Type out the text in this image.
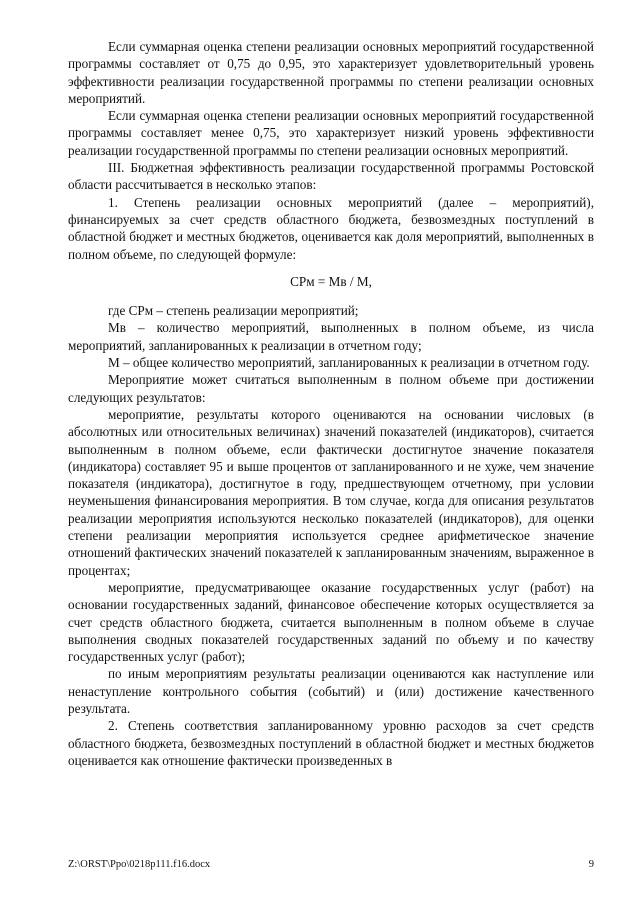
Если суммарная оценка степени реализации основных мероприятий государственной программы составляет от 0,75 до 0,95, это характеризует удовлетворительный уровень эффективности реализации государственной программы по степени реализации основных мероприятий.

Если суммарная оценка степени реализации основных мероприятий государственной программы составляет менее 0,75, это характеризует низкий уровень эффективности реализации государственной программы по степени реализации основных мероприятий.

III. Бюджетная эффективность реализации государственной программы Ростовской области рассчитывается в несколько этапов:

1. Степень реализации основных мероприятий (далее – мероприятий), финансируемых за счет средств областного бюджета, безвозмездных поступлений в областной бюджет и местных бюджетов, оценивается как доля мероприятий, выполненных в полном объеме, по следующей формуле:

СРм = Мв / М,

где СРм – степень реализации мероприятий;

Мв – количество мероприятий, выполненных в полном объеме, из числа мероприятий, запланированных к реализации в отчетном году;

М – общее количество мероприятий, запланированных к реализации в отчетном году.

Мероприятие может считаться выполненным в полном объеме при достижении следующих результатов:

мероприятие, результаты которого оцениваются на основании числовых (в абсолютных или относительных величинах) значений показателей (индикаторов), считается выполненным в полном объеме, если фактически достигнутое значение показателя (индикатора) составляет 95 и выше процентов от запланированного и не хуже, чем значение показателя (индикатора), достигнутое в году, предшествующем отчетному, при условии неуменьшения финансирования мероприятия. В том случае, когда для описания результатов реализации мероприятия используются несколько показателей (индикаторов), для оценки степени реализации мероприятия используется среднее арифметическое значение отношений фактических значений показателей к запланированным значениям, выраженное в процентах;

мероприятие, предусматривающее оказание государственных услуг (работ) на основании государственных заданий, финансовое обеспечение которых осуществляется за счет средств областного бюджета, считается выполненным в полном объеме в случае выполнения сводных показателей государственных заданий по объему и по качеству государственных услуг (работ);

по иным мероприятиям результаты реализации оцениваются как наступление или ненаступление контрольного события (событий) и (или) достижение качественного результата.

2. Степень соответствия запланированному уровню расходов за счет средств областного бюджета, безвозмездных поступлений в областной бюджет и местных бюджетов оценивается как отношение фактически произведенных в

Z:\ORST\Ppo\0218p111.f16.docx	9
